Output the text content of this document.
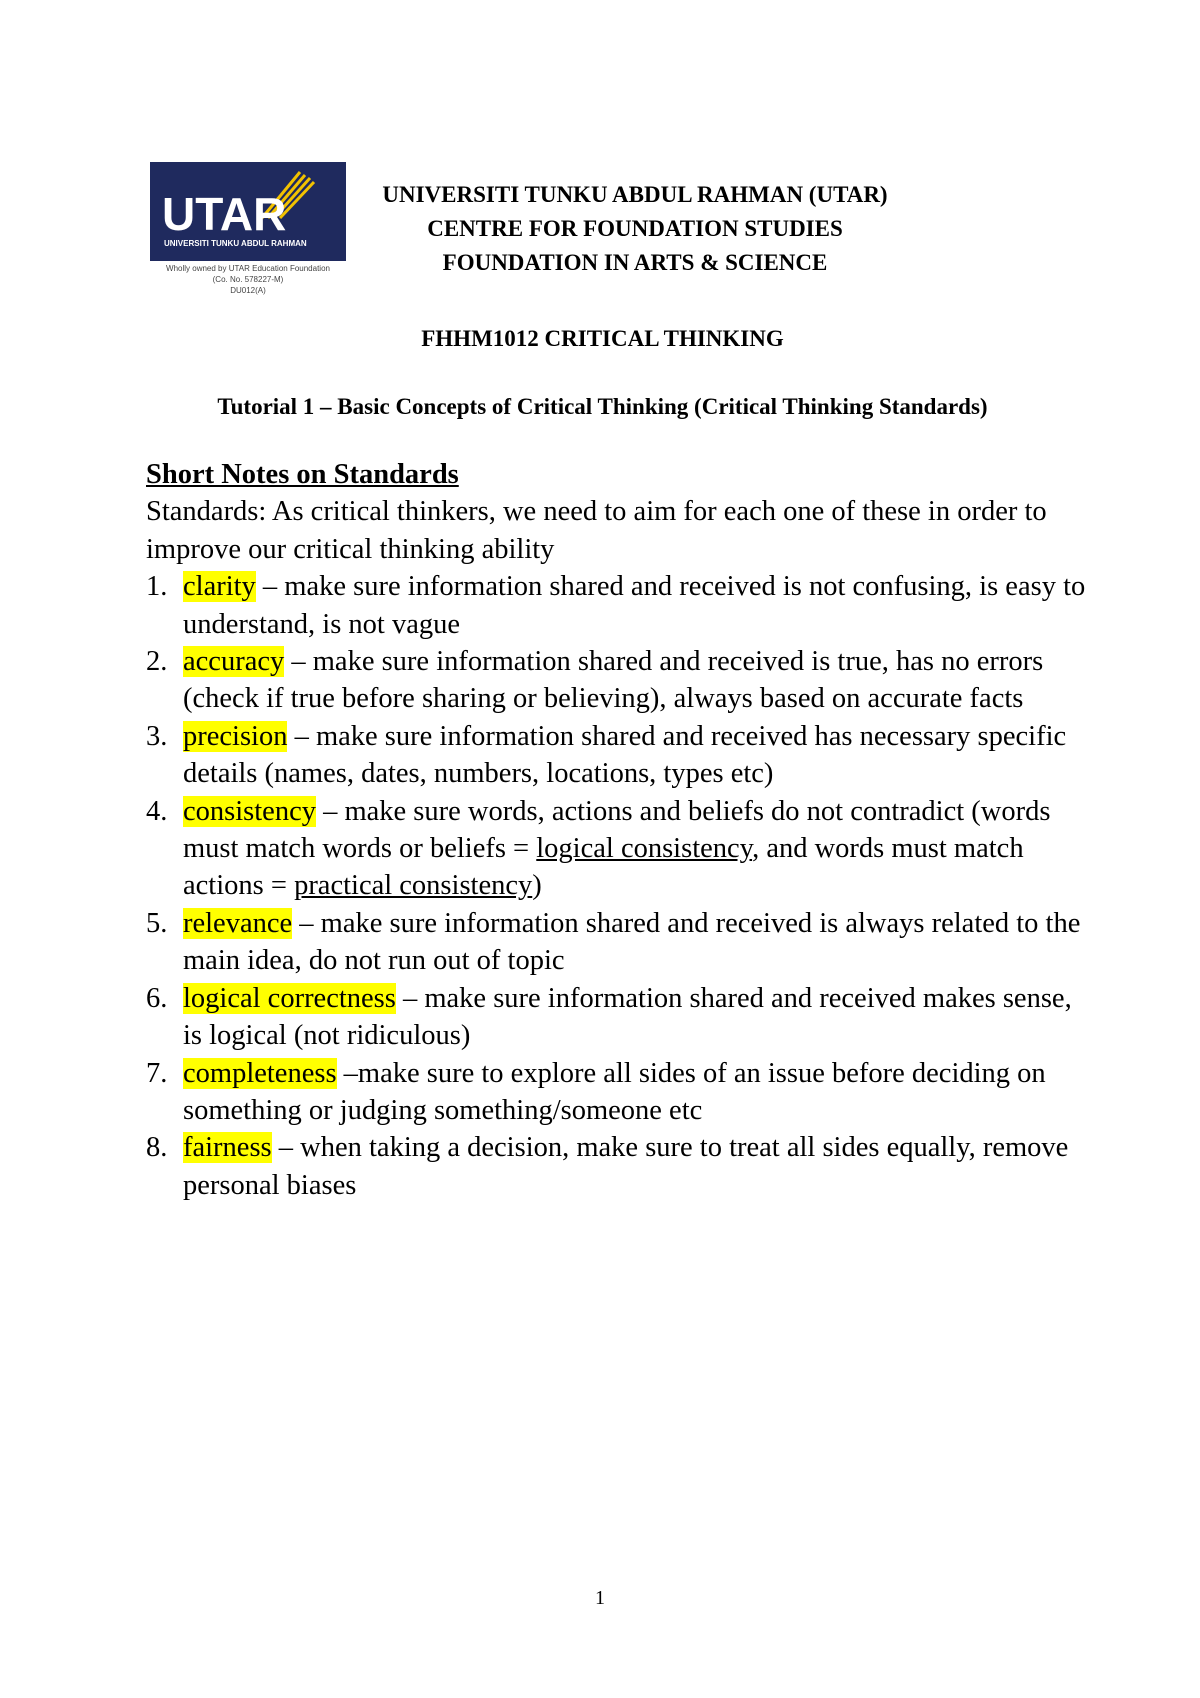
UTAR
UNIVERSITI TUNKU ABDUL RAHMAN
Wholly owned by UTAR Education Foundation
(Co. No. 578227-M)
DU012(A)
UNIVERSITI TUNKU ABDUL RAHMAN (UTAR)
CENTRE FOR FOUNDATION STUDIES
FOUNDATION IN ARTS & SCIENCE
FHHM1012 CRITICAL THINKING
Tutorial 1 – Basic Concepts of Critical Thinking (Critical Thinking Standards)
Short Notes on Standards
Standards: As critical thinkers, we need to aim for each one of these in order to improve our critical thinking ability
1. clarity – make sure information shared and received is not confusing, is easy to understand, is not vague
2. accuracy – make sure information shared and received is true, has no errors (check if true before sharing or believing), always based on accurate facts
3. precision – make sure information shared and received has necessary specific details (names, dates, numbers, locations, types etc)
4. consistency – make sure words, actions and beliefs do not contradict (words must match words or beliefs = logical consistency, and words must match actions = practical consistency)
5. relevance – make sure information shared and received is always related to the main idea, do not run out of topic
6. logical correctness – make sure information shared and received makes sense, is logical (not ridiculous)
7. completeness –make sure to explore all sides of an issue before deciding on something or judging something/someone etc
8. fairness – when taking a decision, make sure to treat all sides equally, remove personal biases
1
